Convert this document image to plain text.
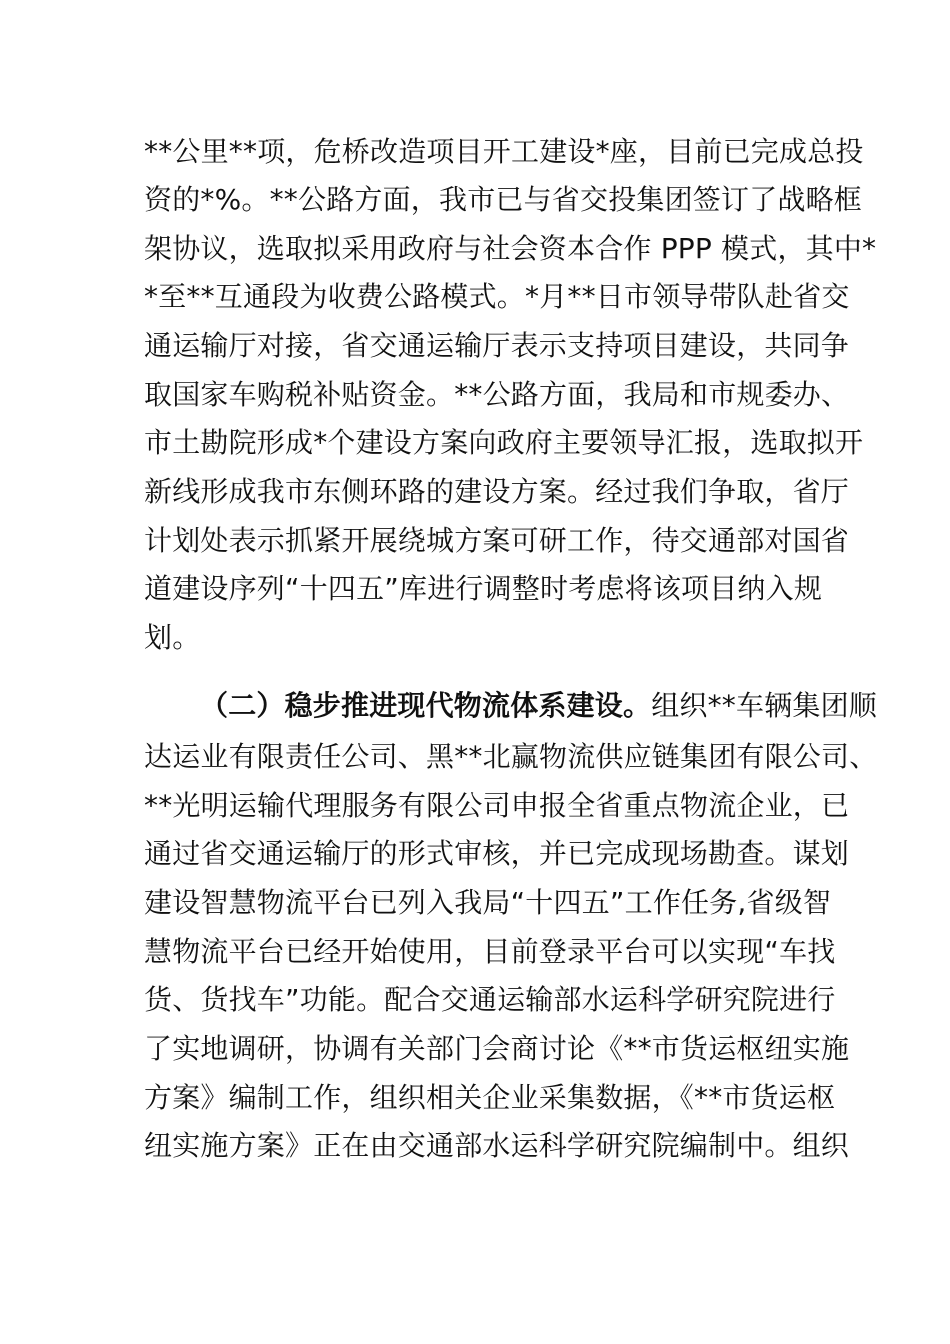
**公里**项，危桥改造项目开工建设*座，目前已完成总投
资的*%。**公路方面，我市已与省交投集团签订了战略框
架协议，选取拟采用政府与社会资本合作 PPP 模式，其中*
*至**互通段为收费公路模式。*月**日市领导带队赴省交
通运输厅对接，省交通运输厅表示支持项目建设，共同争
取国家车购税补贴资金。**公路方面，我局和市规委办、
市土勘院形成*个建设方案向政府主要领导汇报，选取拟开
新线形成我市东侧环路的建设方案。经过我们争取，省厅
计划处表示抓紧开展绕城方案可研工作，待交通部对国省
道建设序列“十四五”库进行调整时考虑将该项目纳入规
划。
（二）稳步推进现代物流体系建设。组织**车辆集团顺
达运业有限责任公司、黑**北赢物流供应链集团有限公司、
**光明运输代理服务有限公司申报全省重点物流企业，已
通过省交通运输厅的形式审核，并已完成现场勘查。谋划
建设智慧物流平台已列入我局“十四五”工作任务,省级智
慧物流平台已经开始使用，目前登录平台可以实现“车找
货、货找车”功能。配合交通运输部水运科学研究院进行
了实地调研，协调有关部门会商讨论《**市货运枢纽实施
方案》编制工作，组织相关企业采集数据，《**市货运枢
纽实施方案》正在由交通部水运科学研究院编制中。组织
